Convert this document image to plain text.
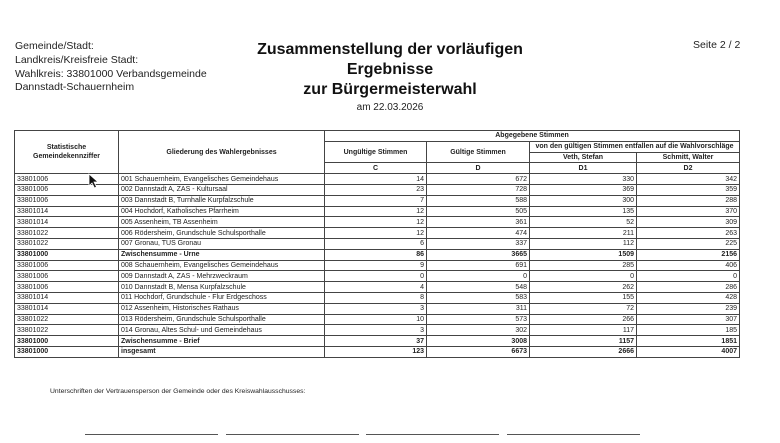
Gemeinde/Stadt:
Landkreis/Kreisfreie Stadt:
Wahlkreis: 33801000 Verbandsgemeinde
Dannstadt-Schauernheim
Zusammenstellung der vorläufigen
Ergebnisse
zur Bürgermeisterwahl
am 22.03.2026
Seite 2 / 2
Statistische Gemeindekennziffer	Gliederung des Wahlergebnisses	Abgegebene Stimmen			
		Ungültige Stimmen	Gültige Stimmen	von den gültigen Stimmen entfallen auf die Wahlvorschläge	
				Veth, Stefan	Schmitt, Walter
		C	D	D1	D2
33801006	001 Schauernheim, Evangelisches Gemeindehaus	14	672	330	342
33801006	002 Dannstadt A, ZAS - Kultursaal	23	728	369	359
33801006	003 Dannstadt B, Turnhalle Kurpfalzschule	7	588	300	288
33801014	004 Hochdorf, Katholisches Pfarrheim	12	505	135	370
33801014	005 Assenheim, TB Assenheim	12	361	52	309
33801022	006 Rödersheim, Grundschule Schulsporthalle	12	474	211	263
33801022	007 Gronau, TUS Gronau	6	337	112	225
33801000	Zwischensumme - Urne	86	3665	1509	2156
33801006	008 Schauernheim, Evangelisches Gemeindehaus	9	691	285	406
33801006	009 Dannstadt A, ZAS - Mehrzweckraum	0	0	0	0
33801006	010 Dannstadt B, Mensa Kurpfalzschule	4	548	262	286
33801014	011 Hochdorf, Grundschule - Flur Erdgeschoss	8	583	155	428
33801014	012 Assenheim, Historisches Rathaus	3	311	72	239
33801022	013 Rödersheim, Grundschule Schulsporthalle	10	573	266	307
33801022	014 Gronau, Altes Schul- und Gemeindehaus	3	302	117	185
33801000	Zwischensumme - Brief	37	3008	1157	1851
33801000	insgesamt	123	6673	2666	4007
Unterschriften der Vertrauensperson der Gemeinde oder des Kreiswahlausschusses:
